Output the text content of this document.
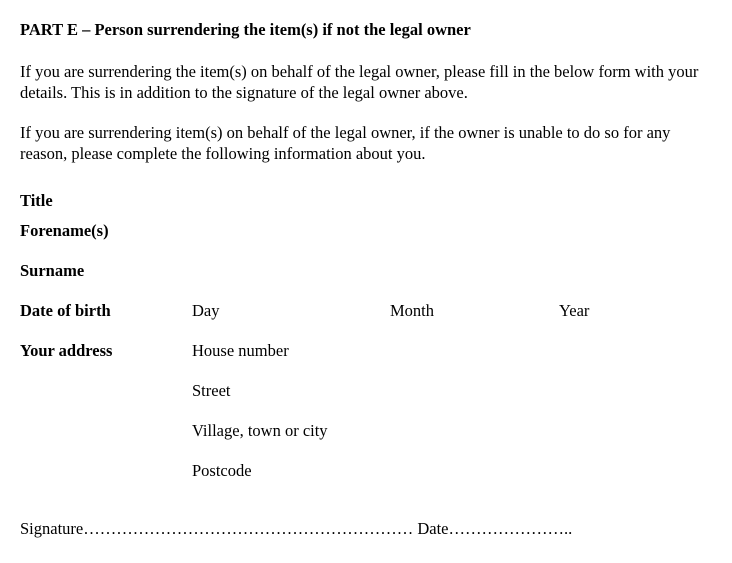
PART E – Person surrendering the item(s) if not the legal owner
If you are surrendering the item(s) on behalf of the legal owner, please fill in the below form with your details. This is in addition to the signature of the legal owner above.
If you are surrendering item(s) on behalf of the legal owner, if the owner is unable to do so for any reason, please complete the following information about you.
Title
Forename(s)
Surname
Date of birth	Day	Month	Year
Your address	House number
Street
Village, town or city
Postcode
Signature…………………………………………………… Date…………………..
